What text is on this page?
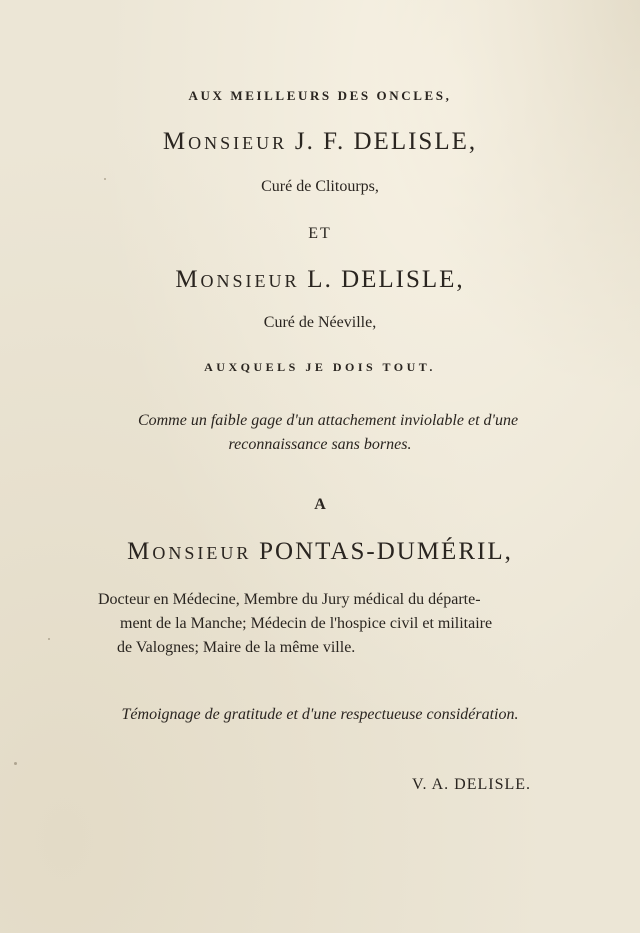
AUX MEILLEURS DES ONCLES,
Monsieur J. F. DELISLE,
Curé de Clitourps,
ET
Monsieur L. DELISLE,
Curé de Néeville,
AUXQUELS JE DOIS TOUT.
Comme un faible gage d'un attachement inviolable et d'une
reconnaissance sans bornes.
A
Monsieur PONTAS-DUMÉRIL,
Docteur en Médecine, Membre du Jury médical du départe-
ment de la Manche; Médecin de l'hospice civil et militaire
de Valognes; Maire de la même ville.
Témoignage de gratitude et d'une respectueuse considération.
V. A. DELISLE.
